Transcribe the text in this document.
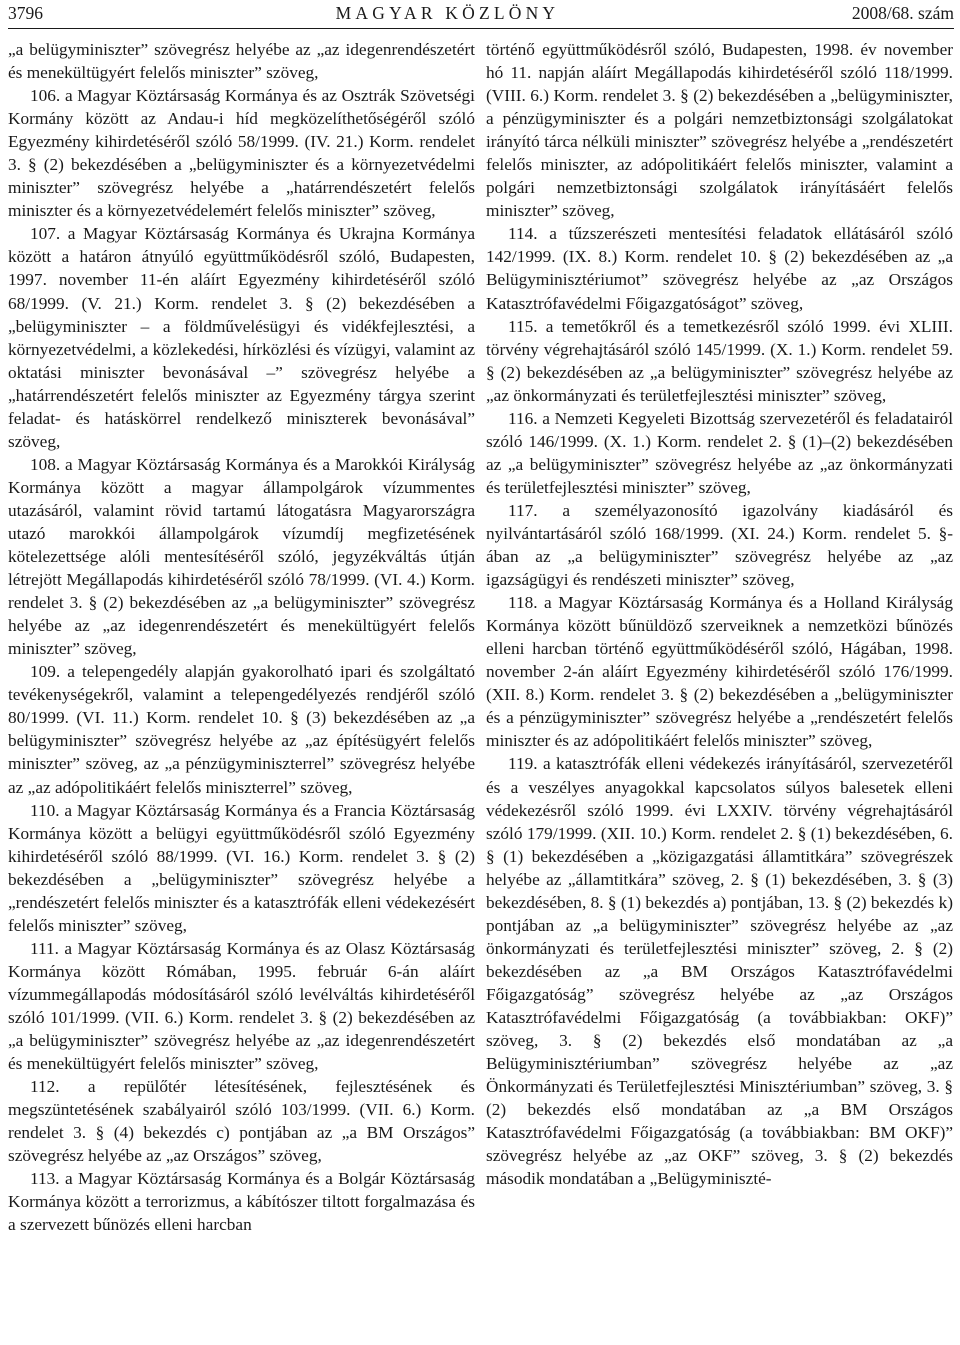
3796	MAGYAR KÖZLÖNY	2008/68. szám

„a belügyminiszter” szövegrész helyébe az „az idegenrendészetért és menekültügyért felelős miniszter” szöveg,

106. a Magyar Köztársaság Kormánya és az Osztrák Szövetségi Kormány között az Andau-i híd megközelíthetőségéről szóló Egyezmény kihirdetéséről szóló 58/1999. (IV. 21.) Korm. rendelet 3. § (2) bekezdésében a „belügyminiszter és a környezetvédelmi miniszter” szövegrész helyébe a „határrendészetért felelős miniszter és a környezetvédelemért felelős miniszter” szöveg,

107. a Magyar Köztársaság Kormánya és Ukrajna Kormánya között a határon átnyúló együttműködésről szóló, Budapesten, 1997. november 11-én aláírt Egyezmény kihirdetéséről szóló 68/1999. (V. 21.) Korm. rendelet 3. § (2) bekezdésében a „belügyminiszter – a földművelésügyi és vidékfejlesztési, a környezetvédelmi, a közlekedési, hírközlési és vízügyi, valamint az oktatási miniszter bevonásával –” szövegrész helyébe a „határrendészetért felelős miniszter az Egyezmény tárgya szerint feladat- és hatáskörrel rendelkező miniszterek bevonásával” szöveg,

108. a Magyar Köztársaság Kormánya és a Marokkói Királyság Kormánya között a magyar állampolgárok vízummentes utazásáról, valamint rövid tartamú látogatásra Magyarországra utazó marokkói állampolgárok vízumdíj megfizetésének kötelezettsége alóli mentesítéséről szóló, jegyzékváltás útján létrejött Megállapodás kihirdetéséről szóló 78/1999. (VI. 4.) Korm. rendelet 3. § (2) bekezdésében az „a belügyminiszter” szövegrész helyébe az „az idegenrendészetért és menekültügyért felelős miniszter” szöveg,

109. a telepengedély alapján gyakorolható ipari és szolgáltató tevékenységekről, valamint a telepengedélyezés rendjéről szóló 80/1999. (VI. 11.) Korm. rendelet 10. § (3) bekezdésében az „a belügyminiszter” szövegrész helyébe az „az építésügyért felelős miniszter” szöveg, az „a pénzügyminiszterrel” szövegrész helyébe az „az adópolitikáért felelős miniszterrel” szöveg,

110. a Magyar Köztársaság Kormánya és a Francia Köztársaság Kormánya között a belügyi együttműködésről szóló Egyezmény kihirdetéséről szóló 88/1999. (VI. 16.) Korm. rendelet 3. § (2) bekezdésében a „belügyminiszter” szövegrész helyébe a „rendészetért felelős miniszter és a katasztrófák elleni védekezésért felelős miniszter” szöveg,

111. a Magyar Köztársaság Kormánya és az Olasz Köztársaság Kormánya között Rómában, 1995. február 6-án aláírt vízummegállapodás módosításáról szóló levélváltás kihirdetéséről szóló 101/1999. (VII. 6.) Korm. rendelet 3. § (2) bekezdésében az „a belügyminiszter” szövegrész helyébe az „az idegenrendészetért és menekültügyért felelős miniszter” szöveg,

112. a repülőtér létesítésének, fejlesztésének és megszüntetésének szabályairól szóló 103/1999. (VII. 6.) Korm. rendelet 3. § (4) bekezdés c) pontjában az „a BM Országos” szövegrész helyébe az „az Országos” szöveg,

113. a Magyar Köztársaság Kormánya és a Bolgár Köztársaság Kormánya között a terrorizmus, a kábítószer tiltott forgalmazása és a szervezett bűnözés elleni harcban

történő együttműködésről szóló, Budapesten, 1998. év november hó 11. napján aláírt Megállapodás kihirdetéséről szóló 118/1999. (VIII. 6.) Korm. rendelet 3. § (2) bekezdésében a „belügyminiszter, a pénzügyminiszter és a polgári nemzetbiztonsági szolgálatokat irányító tárca nélküli miniszter” szövegrész helyébe a „rendészetért felelős miniszter, az adópolitikáért felelős miniszter, valamint a polgári nemzetbiztonsági szolgálatok irányításáért felelős miniszter” szöveg,

114. a tűzszerészeti mentesítési feladatok ellátásáról szóló 142/1999. (IX. 8.) Korm. rendelet 10. § (2) bekezdésében az „a Belügyminisztériumot” szövegrész helyébe az „az Országos Katasztrófavédelmi Főigazgatóságot” szöveg,

115. a temetőkről és a temetkezésről szóló 1999. évi XLIII. törvény végrehajtásáról szóló 145/1999. (X. 1.) Korm. rendelet 59. § (2) bekezdésében az „a belügyminiszter” szövegrész helyébe az „az önkormányzati és területfejlesztési miniszter” szöveg,

116. a Nemzeti Kegyeleti Bizottság szervezetéről és feladatairól szóló 146/1999. (X. 1.) Korm. rendelet 2. § (1)–(2) bekezdésében az „a belügyminiszter” szövegrész helyébe az „az önkormányzati és területfejlesztési miniszter” szöveg,

117. a személyazonosító igazolvány kiadásáról és nyilvántartásáról szóló 168/1999. (XI. 24.) Korm. rendelet 5. §-ában az „a belügyminiszter” szövegrész helyébe az „az igazságügyi és rendészeti miniszter” szöveg,

118. a Magyar Köztársaság Kormánya és a Holland Királyság Kormánya között bűnüldöző szerveiknek a nemzetközi bűnözés elleni harcban történő együttműködéséről szóló, Hágában, 1998. november 2-án aláírt Egyezmény kihirdetéséről szóló 176/1999. (XII. 8.) Korm. rendelet 3. § (2) bekezdésében a „belügyminiszter és a pénzügyminiszter” szövegrész helyébe a „rendészetért felelős miniszter és az adópolitikáért felelős miniszter” szöveg,

119. a katasztrófák elleni védekezés irányításáról, szervezetéről és a veszélyes anyagokkal kapcsolatos súlyos balesetek elleni védekezésről szóló 1999. évi LXXIV. törvény végrehajtásáról szóló 179/1999. (XII. 10.) Korm. rendelet 2. § (1) bekezdésében, 6. § (1) bekezdésében a „közigazgatási államtitkára” szövegrészek helyébe az „államtitkára” szöveg, 2. § (1) bekezdésében, 3. § (3) bekezdésében, 8. § (1) bekezdés a) pontjában, 13. § (2) bekezdés k) pontjában az „a belügyminiszter” szövegrész helyébe az „az önkormányzati és területfejlesztési miniszter” szöveg, 2. § (2) bekezdésében az „a BM Országos Katasztrófavédelmi Főigazgatóság” szövegrész helyébe az „az Országos Katasztrófavédelmi Főigazgatóság (a továbbiakban: OKF)” szöveg, 3. § (2) bekezdés első mondatában az „a Belügyminisztériumban” szövegrész helyébe az „az Önkormányzati és Területfejlesztési Minisztériumban” szöveg, 3. § (2) bekezdés első mondatában az „a BM Országos Katasztrófavédelmi Főigazgatóság (a továbbiakban: BM OKF)” szövegrész helyébe az „az OKF” szöveg, 3. § (2) bekezdés második mondatában a „Belügyminiszté-
